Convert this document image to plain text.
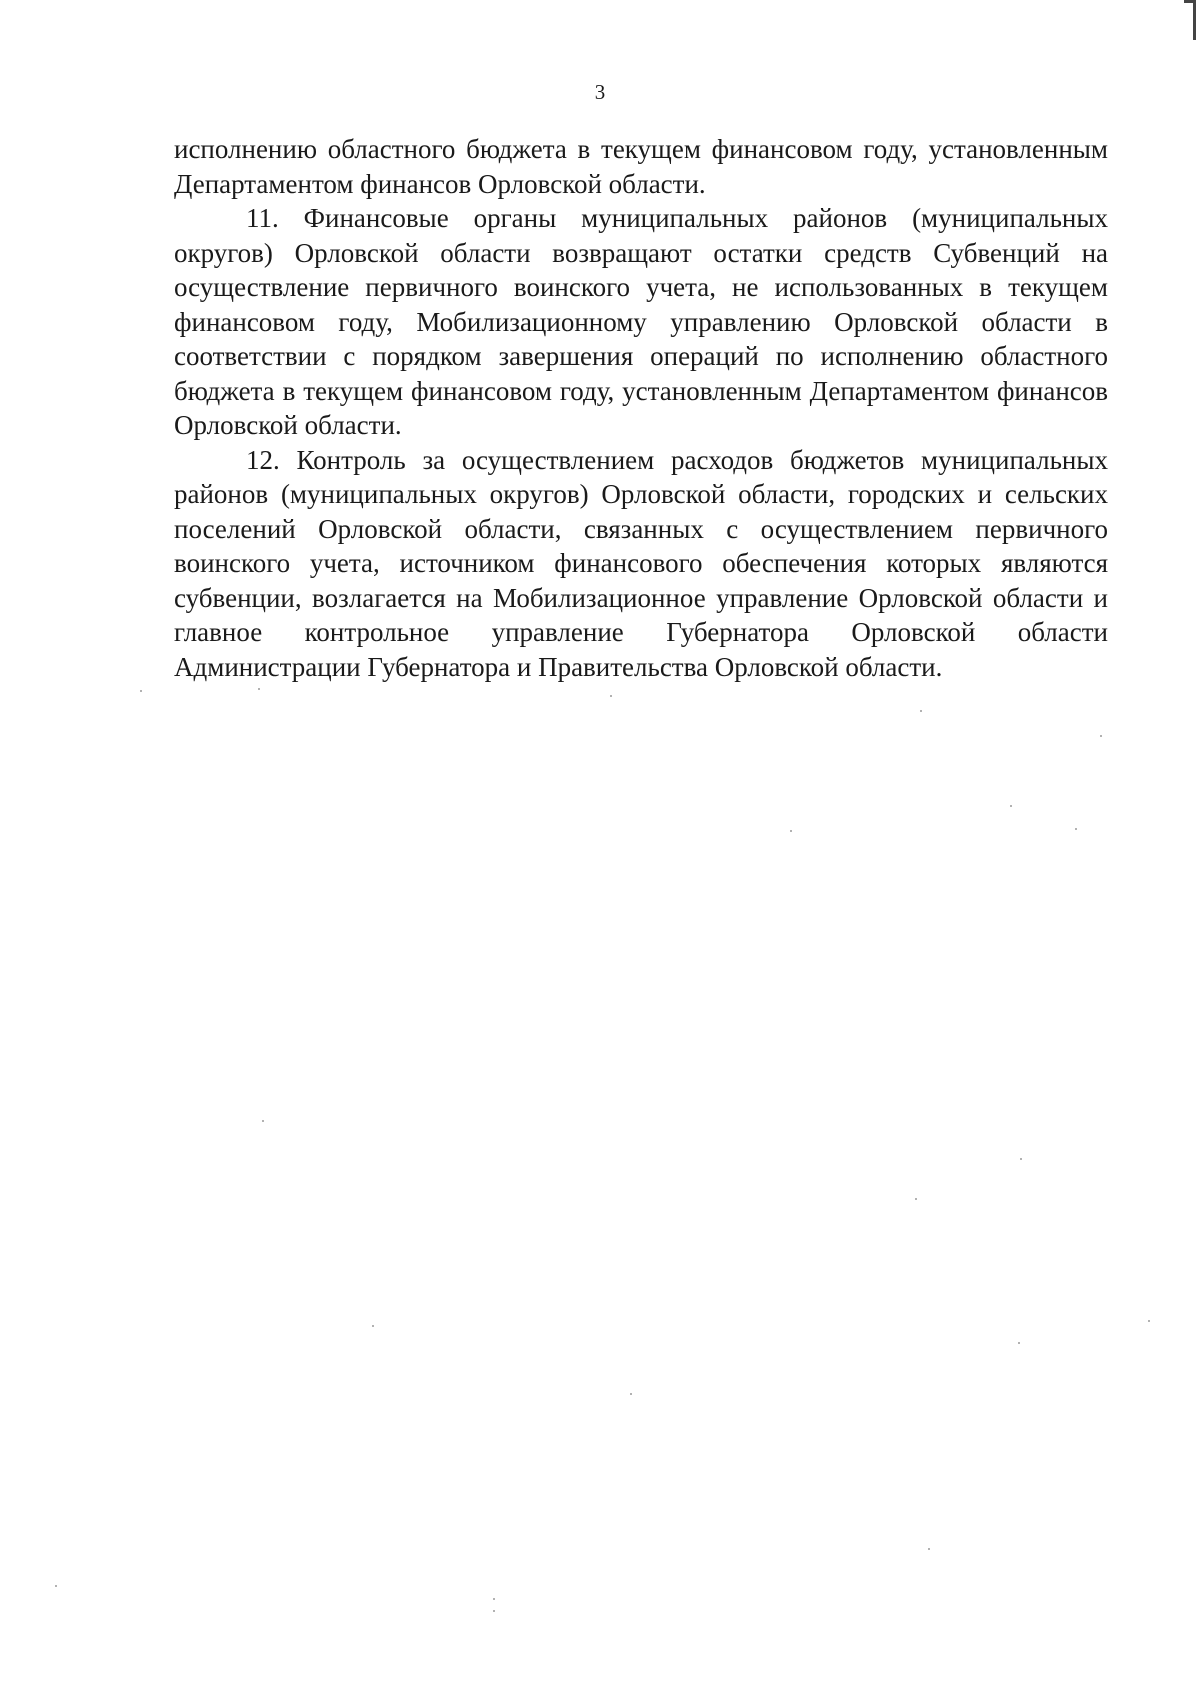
3

исполнению областного бюджета в текущем финансовом году, установленным Департаментом финансов Орловской области.

11. Финансовые органы муниципальных районов (муниципальных округов) Орловской области возвращают остатки средств Субвенций на осуществление первичного воинского учета, не использованных в текущем финансовом году, Мобилизационному управлению Орловской области в соответствии с порядком завершения операций по исполнению областного бюджета в текущем финансовом году, установленным Департаментом финансов Орловской области.

12. Контроль за осуществлением расходов бюджетов муниципальных районов (муниципальных округов) Орловской области, городских и сельских поселений Орловской области, связанных с осуществлением первичного воинского учета, источником финансового обеспечения которых являются субвенции, возлагается на Мобилизационное управление Орловской области и главное контрольное управление Губернатора Орловской области Администрации Губернатора и Правительства Орловской области.
